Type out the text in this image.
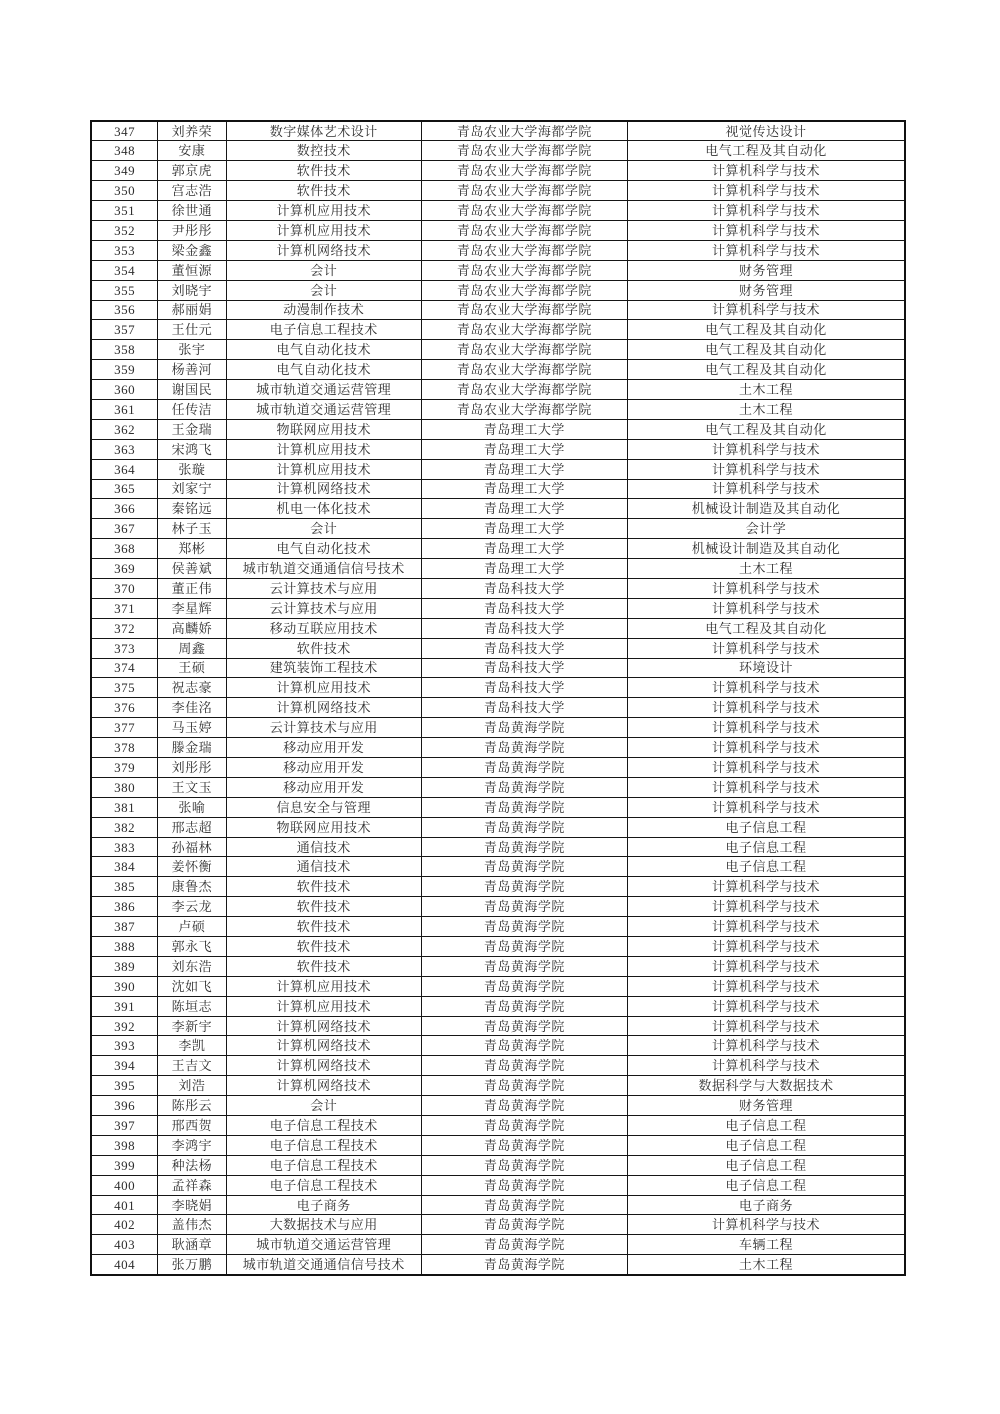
347	刘养荣	数字媒体艺术设计	青岛农业大学海都学院	视觉传达设计
348	安康	数控技术	青岛农业大学海都学院	电气工程及其自动化
349	郭京虎	软件技术	青岛农业大学海都学院	计算机科学与技术
350	宫志浩	软件技术	青岛农业大学海都学院	计算机科学与技术
351	徐世通	计算机应用技术	青岛农业大学海都学院	计算机科学与技术
352	尹彤彤	计算机应用技术	青岛农业大学海都学院	计算机科学与技术
353	梁金鑫	计算机网络技术	青岛农业大学海都学院	计算机科学与技术
354	董恒源	会计	青岛农业大学海都学院	财务管理
355	刘晓宇	会计	青岛农业大学海都学院	财务管理
356	郝丽娟	动漫制作技术	青岛农业大学海都学院	计算机科学与技术
357	王仕元	电子信息工程技术	青岛农业大学海都学院	电气工程及其自动化
358	张宇	电气自动化技术	青岛农业大学海都学院	电气工程及其自动化
359	杨善河	电气自动化技术	青岛农业大学海都学院	电气工程及其自动化
360	谢国民	城市轨道交通运营管理	青岛农业大学海都学院	土木工程
361	任传洁	城市轨道交通运营管理	青岛农业大学海都学院	土木工程
362	王金瑞	物联网应用技术	青岛理工大学	电气工程及其自动化
363	宋鸿飞	计算机应用技术	青岛理工大学	计算机科学与技术
364	张璇	计算机应用技术	青岛理工大学	计算机科学与技术
365	刘家宁	计算机网络技术	青岛理工大学	计算机科学与技术
366	秦铭远	机电一体化技术	青岛理工大学	机械设计制造及其自动化
367	林子玉	会计	青岛理工大学	会计学
368	郑彬	电气自动化技术	青岛理工大学	机械设计制造及其自动化
369	侯善斌	城市轨道交通通信信号技术	青岛理工大学	土木工程
370	董正伟	云计算技术与应用	青岛科技大学	计算机科学与技术
371	李星辉	云计算技术与应用	青岛科技大学	计算机科学与技术
372	高麟娇	移动互联应用技术	青岛科技大学	电气工程及其自动化
373	周鑫	软件技术	青岛科技大学	计算机科学与技术
374	王硕	建筑装饰工程技术	青岛科技大学	环境设计
375	祝志豪	计算机应用技术	青岛科技大学	计算机科学与技术
376	李佳洺	计算机网络技术	青岛科技大学	计算机科学与技术
377	马玉婷	云计算技术与应用	青岛黄海学院	计算机科学与技术
378	滕金瑞	移动应用开发	青岛黄海学院	计算机科学与技术
379	刘彤彤	移动应用开发	青岛黄海学院	计算机科学与技术
380	王文玉	移动应用开发	青岛黄海学院	计算机科学与技术
381	张喻	信息安全与管理	青岛黄海学院	计算机科学与技术
382	邢志超	物联网应用技术	青岛黄海学院	电子信息工程
383	孙福林	通信技术	青岛黄海学院	电子信息工程
384	姜怀衡	通信技术	青岛黄海学院	电子信息工程
385	康鲁杰	软件技术	青岛黄海学院	计算机科学与技术
386	李云龙	软件技术	青岛黄海学院	计算机科学与技术
387	卢硕	软件技术	青岛黄海学院	计算机科学与技术
388	郭永飞	软件技术	青岛黄海学院	计算机科学与技术
389	刘东浩	软件技术	青岛黄海学院	计算机科学与技术
390	沈如飞	计算机应用技术	青岛黄海学院	计算机科学与技术
391	陈垣志	计算机应用技术	青岛黄海学院	计算机科学与技术
392	李新宇	计算机网络技术	青岛黄海学院	计算机科学与技术
393	李凯	计算机网络技术	青岛黄海学院	计算机科学与技术
394	王吉文	计算机网络技术	青岛黄海学院	计算机科学与技术
395	刘浩	计算机网络技术	青岛黄海学院	数据科学与大数据技术
396	陈彤云	会计	青岛黄海学院	财务管理
397	邢西贺	电子信息工程技术	青岛黄海学院	电子信息工程
398	李鸿宇	电子信息工程技术	青岛黄海学院	电子信息工程
399	种法杨	电子信息工程技术	青岛黄海学院	电子信息工程
400	孟祥森	电子信息工程技术	青岛黄海学院	电子信息工程
401	李晓娟	电子商务	青岛黄海学院	电子商务
402	盖伟杰	大数据技术与应用	青岛黄海学院	计算机科学与技术
403	耿涵章	城市轨道交通运营管理	青岛黄海学院	车辆工程
404	张万鹏	城市轨道交通通信信号技术	青岛黄海学院	土木工程
